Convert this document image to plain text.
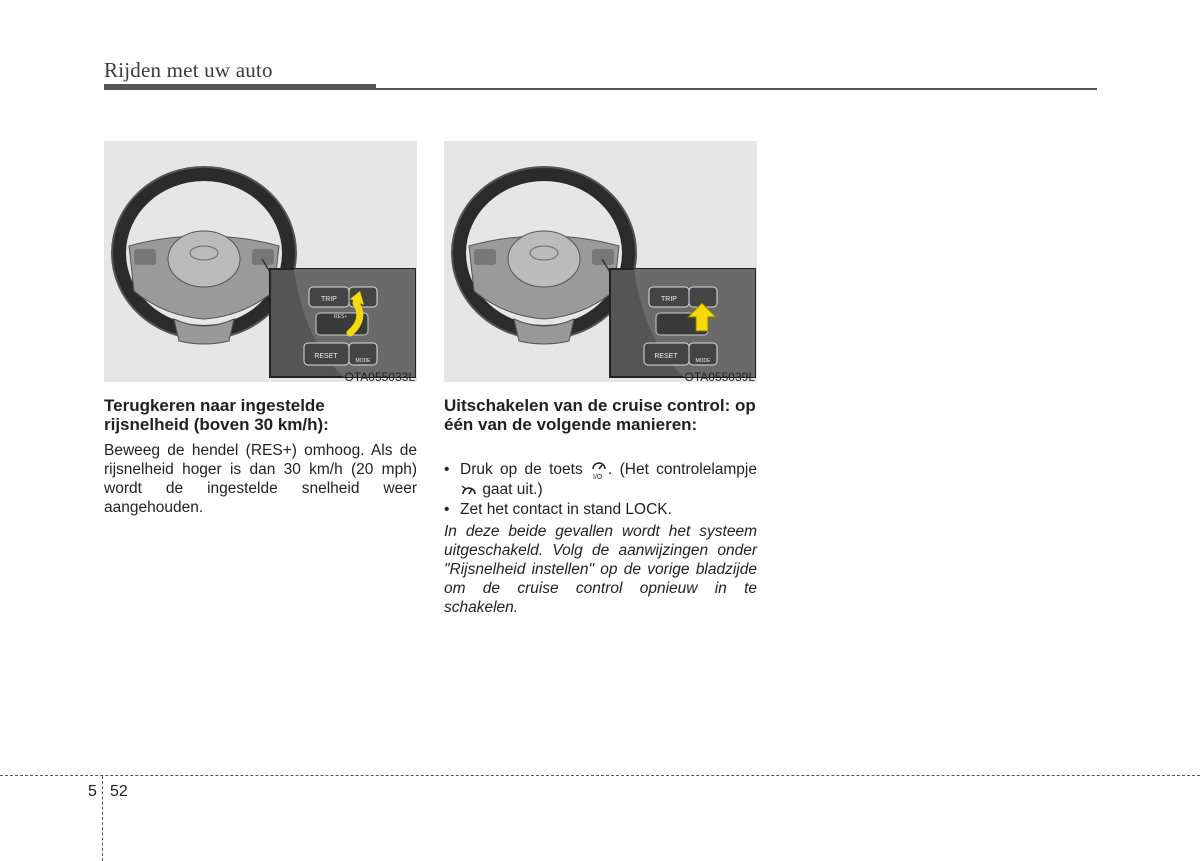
Rijden met uw auto
TRIP
RES+
RESET
MODE
OTA055033L
TRIP
RESET
MODE
OTA055039L
Terugkeren naar ingestelde rijsnelheid (boven 30 km/h):
Beweeg de hendel (RES+) omhoog. Als de rijsnelheid hoger is dan 30 km/h (20 mph) wordt de ingestelde snelheid weer aangehouden.
Uitschakelen van de cruise control: op één van de volgende manieren:
• Druk op de toets I/O . (Het controlelampje  gaat uit.)
• Zet het contact in stand LOCK.
In deze beide gevallen wordt het systeem uitgeschakeld. Volg de aanwijzingen onder "Rijsnelheid instellen" op de vorige bladzijde om de cruise control opnieuw in te schakelen.
5 52
